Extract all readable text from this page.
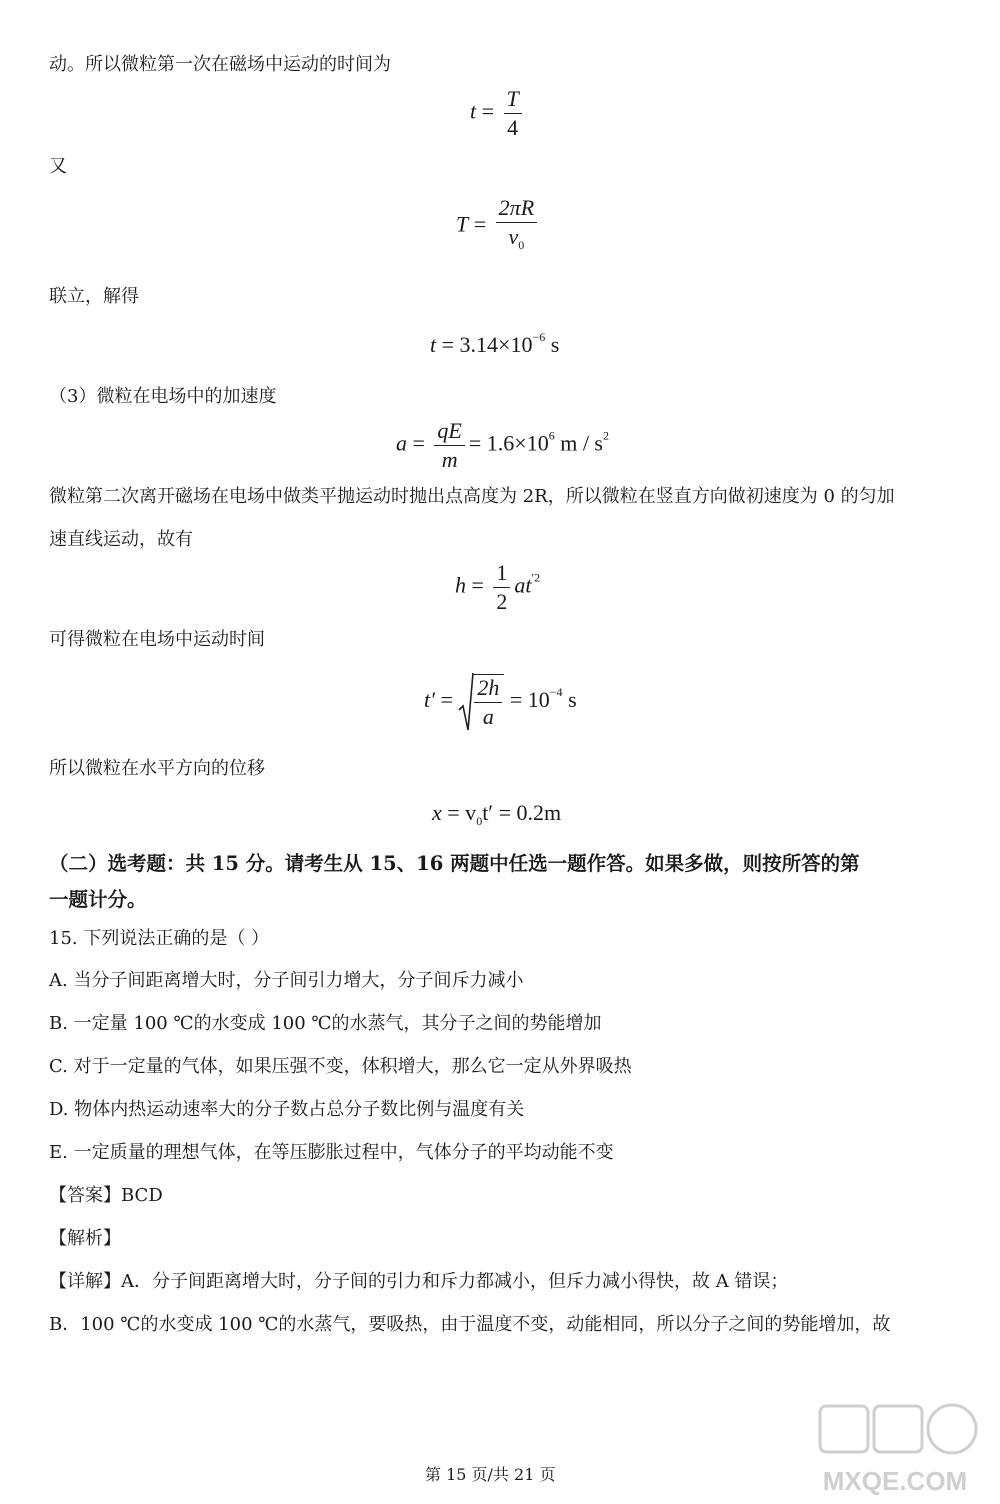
动。所以微粒第一次在磁场中运动的时间为
$t = \frac{T}{4}$
又
$T = \frac{2\pi R}{v_0}$
联立，解得
$t = 3.14\times 10^{-6}$ s
（3）微粒在电场中的加速度
$a = \frac{qE}{m} = 1.6\times 10^6$ m / $s^2$
微粒第二次离开磁场在电场中做类平抛运动时抛出点高度为 2R，所以微粒在竖直方向做初速度为 0 的匀加
速直线运动，故有
$h = \frac{1}{2} at^{'2}$
可得微粒在电场中运动时间
$t' = \frac{2h}{a} = 10^{-4}$ s
所以微粒在水平方向的位移
$x = v_0t' = 0.2m$
（二）选考题：共 15 分。请考生从 15、16 两题中任选一题作答。如果多做，则按所答的第
一题计分。
15. 下列说法正确的是（ ）
A. 当分子间距离增大时，分子间引力增大，分子间斥力减小
B. 一定量 100 ℃的水变成 100 ℃的水蒸气，其分子之间的势能增加
C. 对于一定量的气体，如果压强不变，体积增大，那么它一定从外界吸热
D. 物体内热运动速率大的分子数占总分子数比例与温度有关
E. 一定质量的理想气体，在等压膨胀过程中，气体分子的平均动能不变
【答案】BCD
【解析】
【详解】A．分子间距离增大时，分子间的引力和斥力都减小，但斥力减小得快，故 A 错误；
B．100 ℃的水变成 100 ℃的水蒸气，要吸热，由于温度不变，动能相同，所以分子之间的势能增加，故
第 15 页/共 21 页	MXQE.COM
